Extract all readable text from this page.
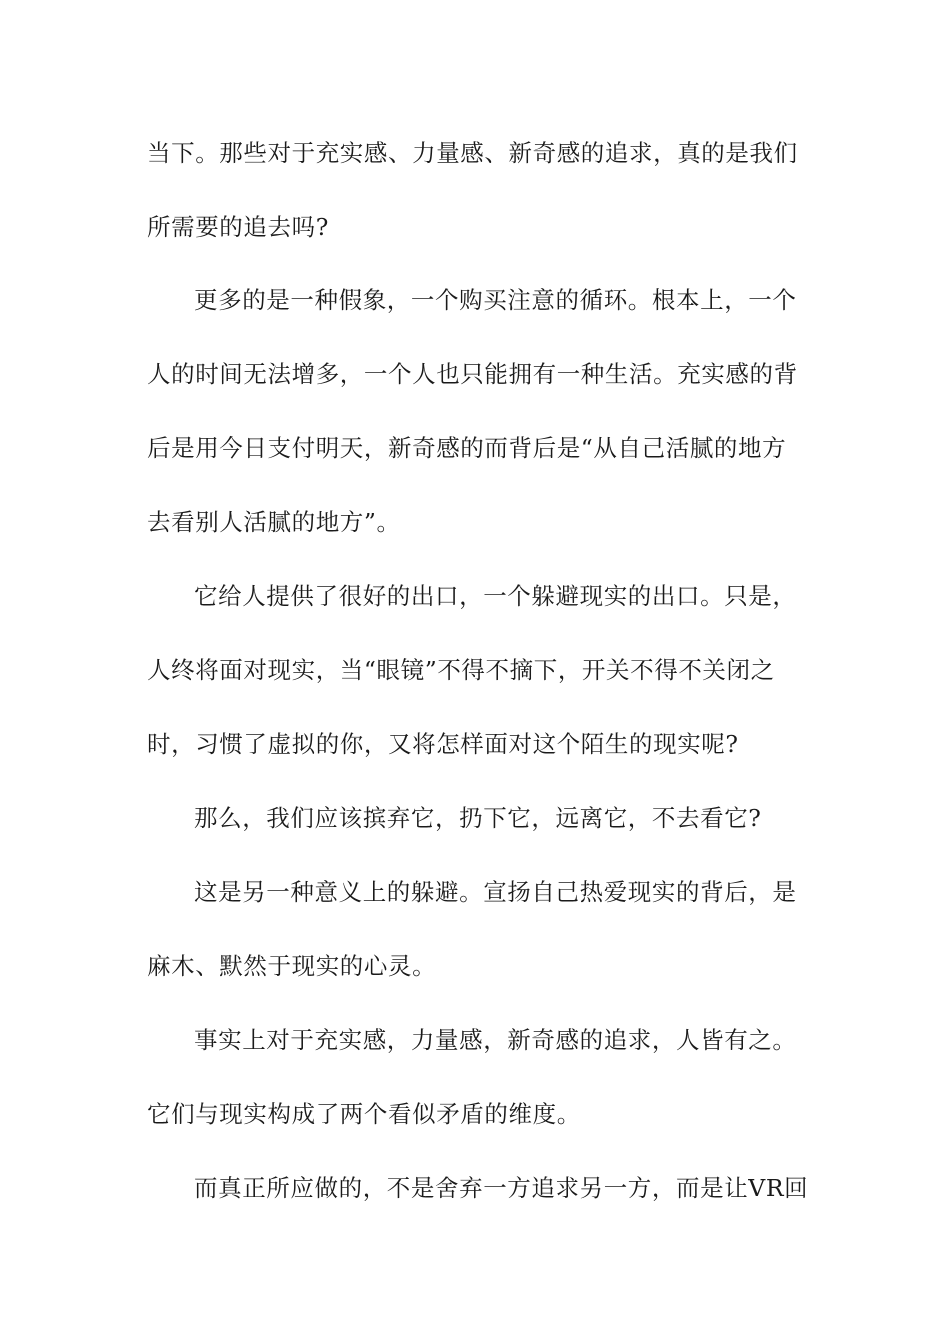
当下。那些对于充实感、力量感、新奇感的追求，真的是我们
所需要的追去吗?
更多的是一种假象，一个购买注意的循环。根本上，一个
人的时间无法增多，一个人也只能拥有一种生活。充实感的背
后是用今日支付明天，新奇感的而背后是“从自己活腻的地方
去看别人活腻的地方”。
它给人提供了很好的出口，一个躲避现实的出口。只是，
人终将面对现实，当“眼镜”不得不摘下，开关不得不关闭之
时，习惯了虚拟的你，又将怎样面对这个陌生的现实呢?
那么，我们应该摈弃它，扔下它，远离它，不去看它?
这是另一种意义上的躲避。宣扬自己热爱现实的背后，是
麻木、默然于现实的心灵。
事实上对于充实感，力量感，新奇感的追求，人皆有之。
它们与现实构成了两个看似矛盾的维度。
而真正所应做的，不是舍弃一方追求另一方，而是让VR回
